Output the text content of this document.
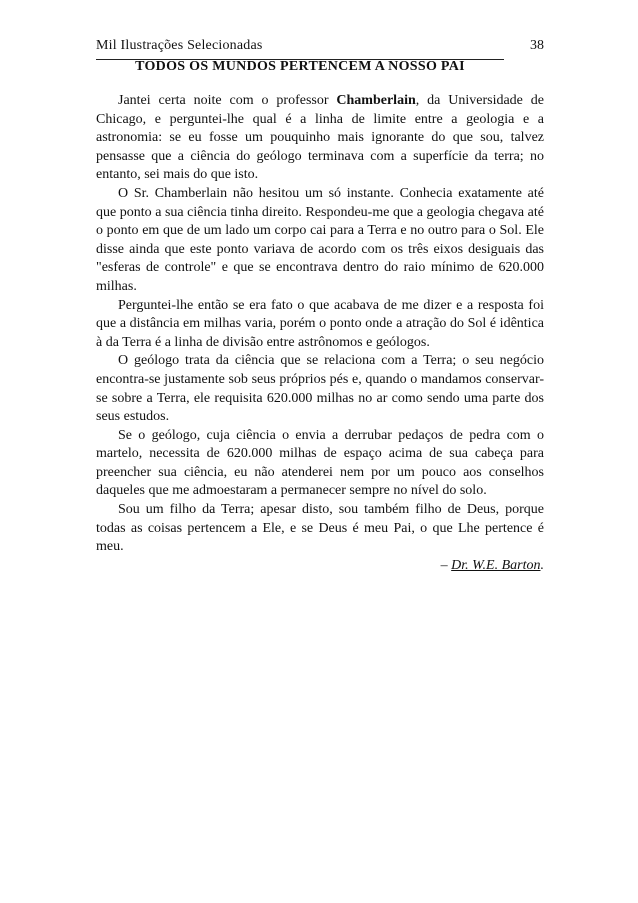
Mil Ilustrações Selecionadas	38
TODOS OS MUNDOS PERTENCEM A NOSSO PAI

Jantei certa noite com o professor Chamberlain, da Universidade de Chicago, e perguntei-lhe qual é a linha de limite entre a geologia e a astronomia: se eu fosse um pouquinho mais ignorante do que sou, talvez pensasse que a ciência do geólogo terminava com a superfície da terra; no entanto, sei mais do que isto.

O Sr. Chamberlain não hesitou um só instante. Conhecia exatamente até que ponto a sua ciência tinha direito. Respondeu-me que a geologia chegava até o ponto em que de um lado um corpo cai para a Terra e no outro para o Sol. Ele disse ainda que este ponto variava de acordo com os três eixos desiguais das "esferas de controle" e que se encontrava dentro do raio mínimo de 620.000 milhas.

Perguntei-lhe então se era fato o que acabava de me dizer e a resposta foi que a distância em milhas varia, porém o ponto onde a atração do Sol é idêntica à da Terra é a linha de divisão entre astrônomos e geólogos.

O geólogo trata da ciência que se relaciona com a Terra; o seu negócio encontra-se justamente sob seus próprios pés e, quando o mandamos conservar-se sobre a Terra, ele requisita 620.000 milhas no ar como sendo uma parte dos seus estudos.

Se o geólogo, cuja ciência o envia a derrubar pedaços de pedra com o martelo, necessita de 620.000 milhas de espaço acima de sua cabeça para preencher sua ciência, eu não atenderei nem por um pouco aos conselhos daqueles que me admoestaram a permanecer sempre no nível do solo.

Sou um filho da Terra; apesar disto, sou também filho de Deus, porque todas as coisas pertencem a Ele, e se Deus é meu Pai, o que Lhe pertence é meu.

– Dr. W.E. Barton.
